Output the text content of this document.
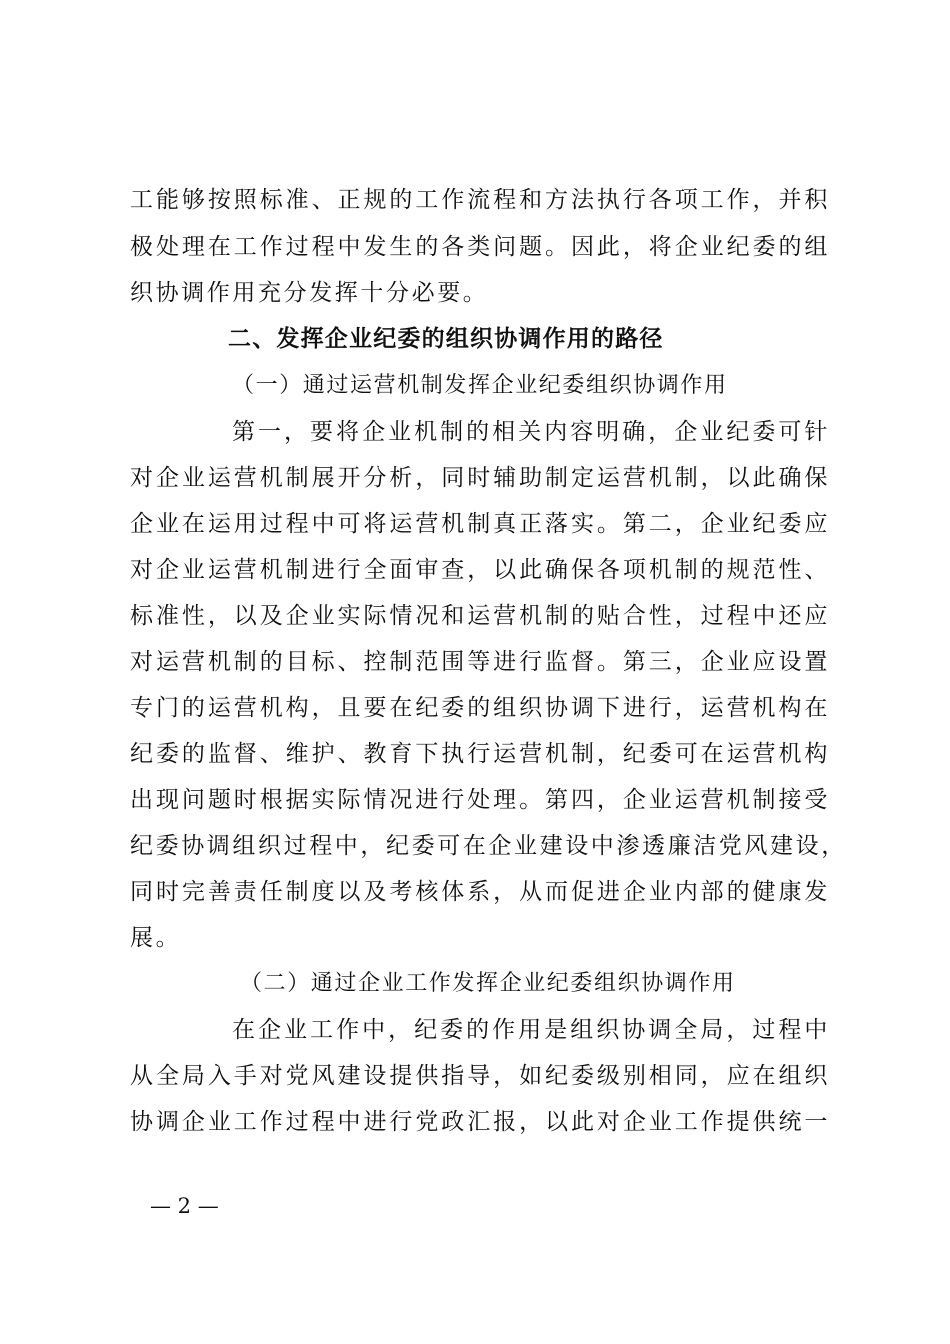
工能够按照标准、正规的工作流程和方法执行各项工作，并积
极处理在工作过程中发生的各类问题。因此，将企业纪委的组
织协调作用充分发挥十分必要。
二、发挥企业纪委的组织协调作用的路径
（一）通过运营机制发挥企业纪委组织协调作用
第一，要将企业机制的相关内容明确，企业纪委可针
对企业运营机制展开分析，同时辅助制定运营机制，以此确保
企业在运用过程中可将运营机制真正落实。第二，企业纪委应
对企业运营机制进行全面审查，以此确保各项机制的规范性、
标准性，以及企业实际情况和运营机制的贴合性，过程中还应
对运营机制的目标、控制范围等进行监督。第三，企业应设置
专门的运营机构，且要在纪委的组织协调下进行，运营机构在
纪委的监督、维护、教育下执行运营机制，纪委可在运营机构
出现问题时根据实际情况进行处理。第四，企业运营机制接受
纪委协调组织过程中，纪委可在企业建设中渗透廉洁党风建设，
同时完善责任制度以及考核体系，从而促进企业内部的健康发
展。
（二）通过企业工作发挥企业纪委组织协调作用
在企业工作中，纪委的作用是组织协调全局，过程中
从全局入手对党风建设提供指导，如纪委级别相同，应在组织
协调企业工作过程中进行党政汇报，以此对企业工作提供统一
— 2 —
